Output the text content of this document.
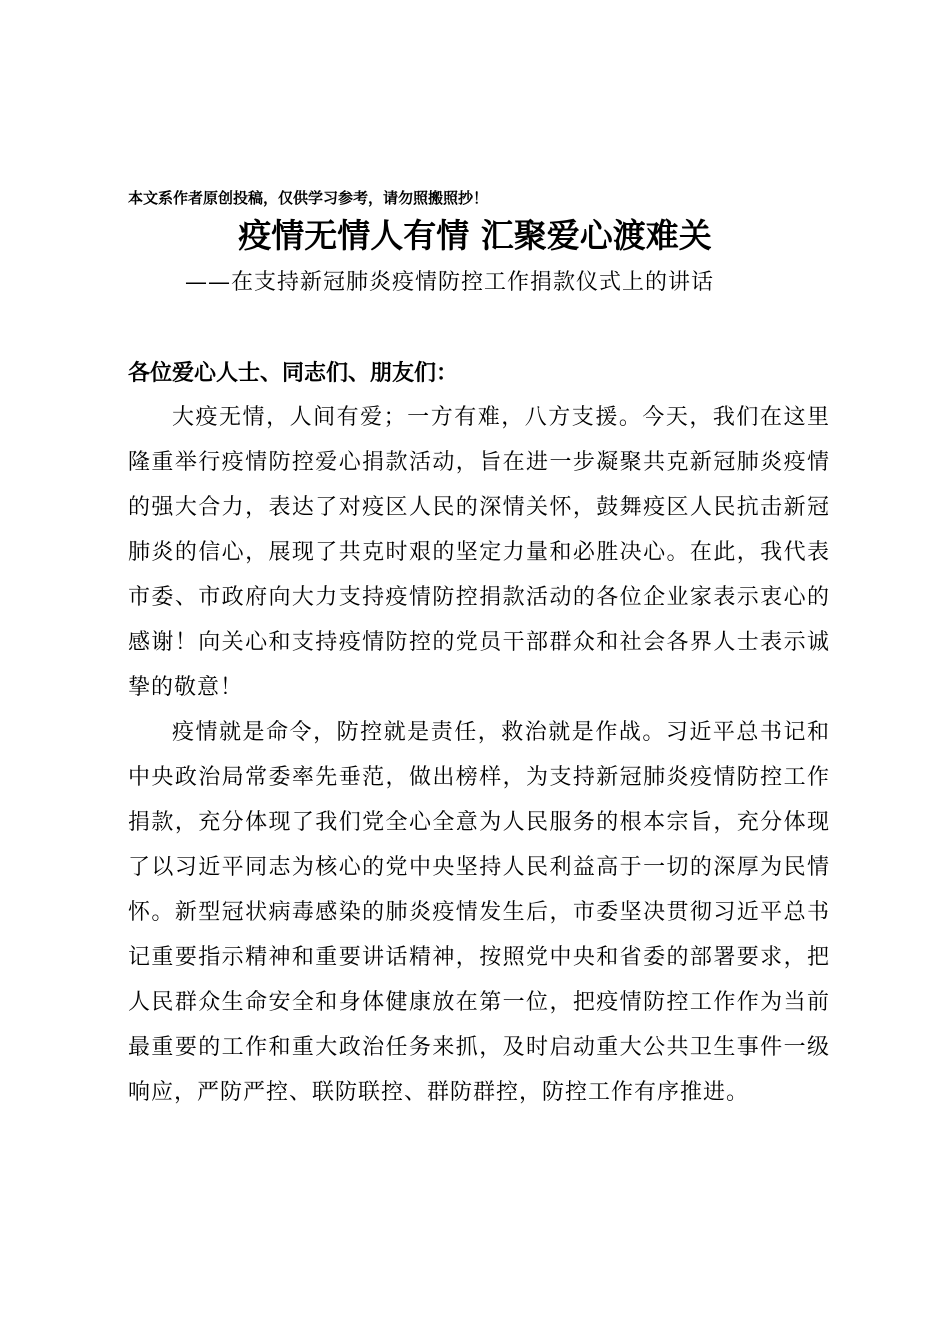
本文系作者原创投稿，仅供学习参考，请勿照搬照抄！
疫情无情人有情 汇聚爱心渡难关
——在支持新冠肺炎疫情防控工作捐款仪式上的讲话
各位爱心人士、同志们、朋友们：
大疫无情，人间有爱；一方有难，八方支援。今天，我们在这里隆重举行疫情防控爱心捐款活动，旨在进一步凝聚共克新冠肺炎疫情的强大合力，表达了对疫区人民的深情关怀，鼓舞疫区人民抗击新冠肺炎的信心，展现了共克时艰的坚定力量和必胜决心。在此，我代表市委、市政府向大力支持疫情防控捐款活动的各位企业家表示衷心的感谢！向关心和支持疫情防控的党员干部群众和社会各界人士表示诚挚的敬意！
疫情就是命令，防控就是责任，救治就是作战。习近平总书记和中央政治局常委率先垂范，做出榜样，为支持新冠肺炎疫情防控工作捐款，充分体现了我们党全心全意为人民服务的根本宗旨，充分体现了以习近平同志为核心的党中央坚持人民利益高于一切的深厚为民情怀。新型冠状病毒感染的肺炎疫情发生后，市委坚决贯彻习近平总书记重要指示精神和重要讲话精神，按照党中央和省委的部署要求，把人民群众生命安全和身体健康放在第一位，把疫情防控工作作为当前最重要的工作和重大政治任务来抓，及时启动重大公共卫生事件一级响应，严防严控、联防联控、群防群控，防控工作有序推进。
